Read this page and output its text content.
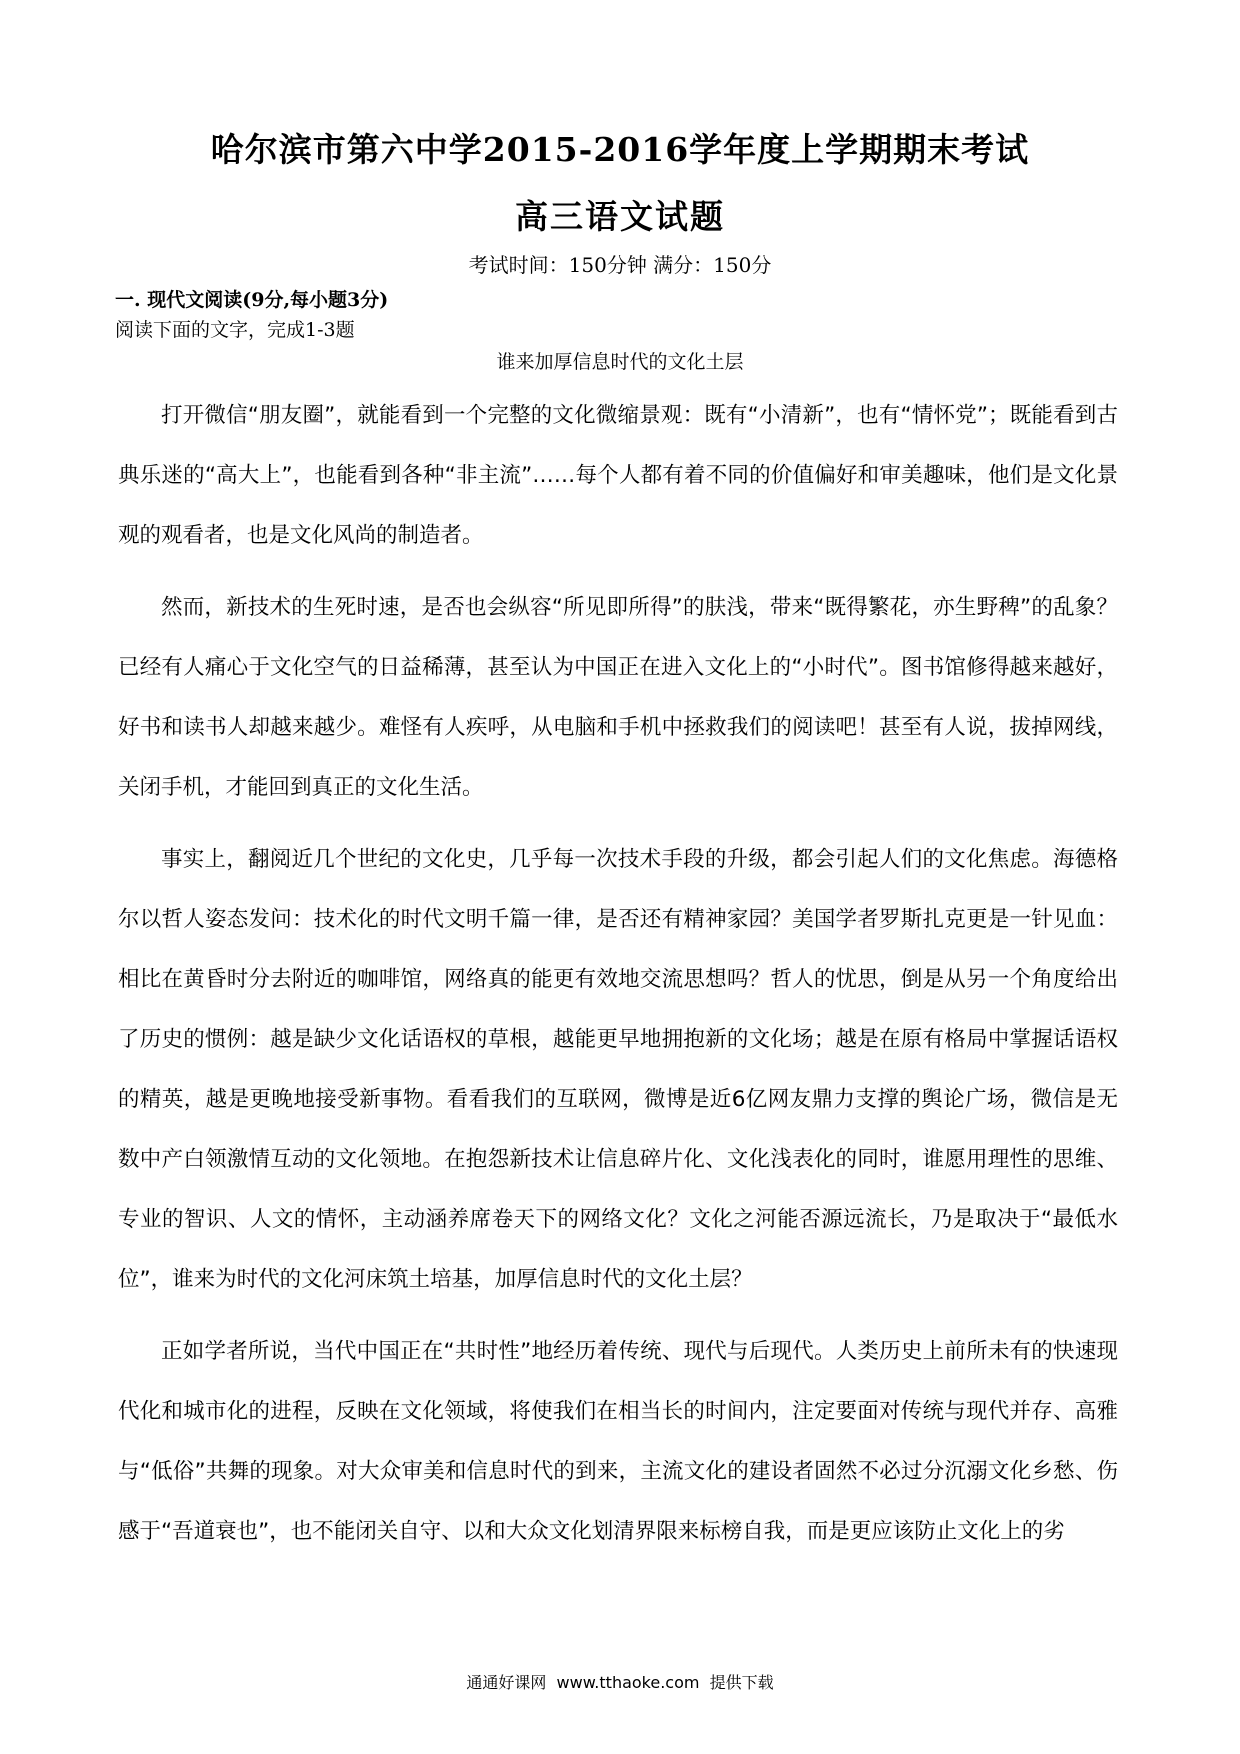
哈尔滨市第六中学2015-2016学年度上学期期末考试
高三语文试题
考试时间：150分钟 满分：150分
一. 现代文阅读(9分,每小题3分)
阅读下面的文字，完成1-3题
谁来加厚信息时代的文化土层

打开微信“朋友圈”，就能看到一个完整的文化微缩景观：既有“小清新”，也有“情怀党”；既能看到古典乐迷的“高大上”，也能看到各种“非主流”……每个人都有着不同的价值偏好和审美趣味，他们是文化景观的观看者，也是文化风尚的制造者。

然而，新技术的生死时速，是否也会纵容“所见即所得”的肤浅，带来“既得繁花，亦生野稗”的乱象？已经有人痛心于文化空气的日益稀薄，甚至认为中国正在进入文化上的“小时代”。图书馆修得越来越好，好书和读书人却越来越少。难怪有人疾呼，从电脑和手机中拯救我们的阅读吧！甚至有人说，拔掉网线，关闭手机，才能回到真正的文化生活。

事实上，翻阅近几个世纪的文化史，几乎每一次技术手段的升级，都会引起人们的文化焦虑。海德格尔以哲人姿态发问：技术化的时代文明千篇一律，是否还有精神家园？美国学者罗斯扎克更是一针见血：相比在黄昏时分去附近的咖啡馆，网络真的能更有效地交流思想吗？哲人的忧思，倒是从另一个角度给出了历史的惯例：越是缺少文化话语权的草根，越能更早地拥抱新的文化场；越是在原有格局中掌握话语权的精英，越是更晚地接受新事物。看看我们的互联网，微博是近6亿网友鼎力支撑的舆论广场，微信是无数中产白领激情互动的文化领地。在抱怨新技术让信息碎片化、文化浅表化的同时，谁愿用理性的思维、专业的智识、人文的情怀，主动涵养席卷天下的网络文化？文化之河能否源远流长，乃是取决于“最低水位”，谁来为时代的文化河床筑土培基，加厚信息时代的文化土层？

正如学者所说，当代中国正在“共时性”地经历着传统、现代与后现代。人类历史上前所未有的快速现代化和城市化的进程，反映在文化领域，将使我们在相当长的时间内，注定要面对传统与现代并存、高雅与“低俗”共舞的现象。对大众审美和信息时代的到来，主流文化的建设者固然不必过分沉溺文化乡愁、伤感于“吾道衰也”，也不能闭关自守、以和大众文化划清界限来标榜自我，而是更应该防止文化上的劣

通通好课网  www.tthaoke.com  提供下载
